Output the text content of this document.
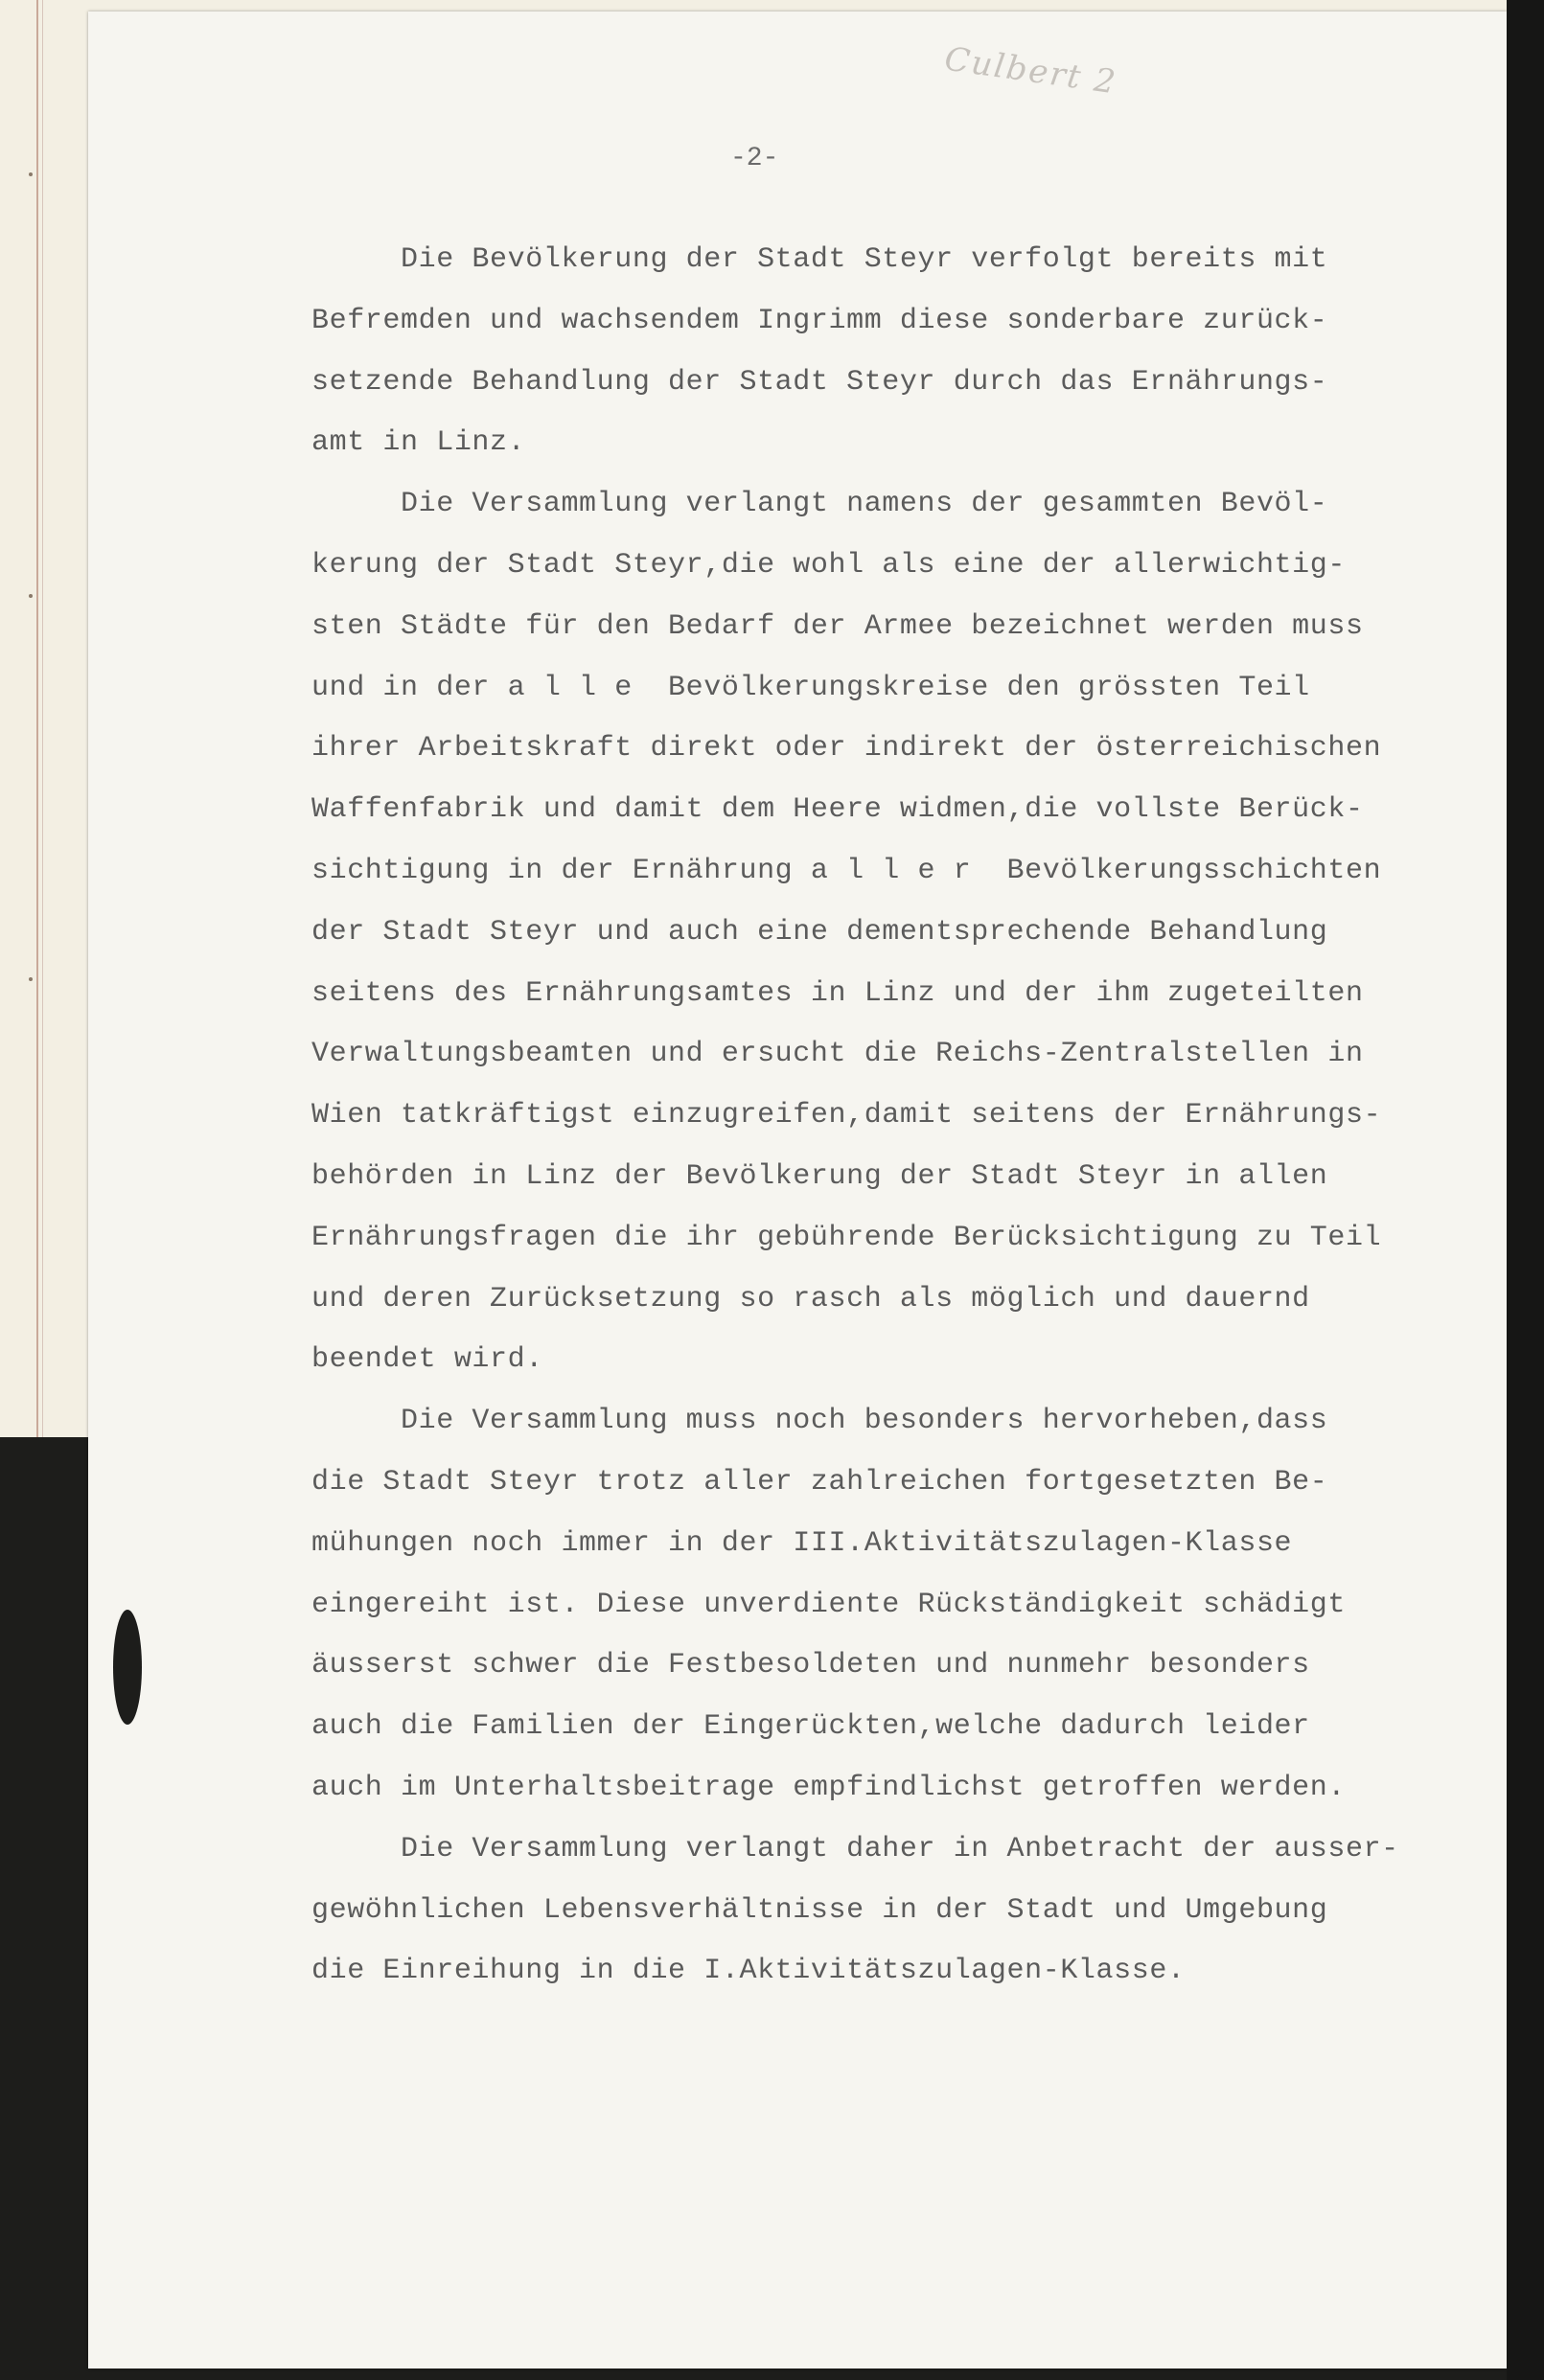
Culbert 2
-2-
Die Bevölkerung der Stadt Steyr verfolgt bereits mit
Befremden und wachsendem Ingrimm diese sonderbare zurück-
setzende Behandlung der Stadt Steyr durch das Ernährungs-
amt in Linz.
Die Versammlung verlangt namens der gesammten Bevöl-
kerung der Stadt Steyr,die wohl als eine der allerwichtig-
sten Städte für den Bedarf der Armee bezeichnet werden muss
und in der a l l e  Bevölkerungskreise den grössten Teil
ihrer Arbeitskraft direkt oder indirekt der österreichischen
Waffenfabrik und damit dem Heere widmen,die vollste Berück-
sichtigung in der Ernährung a l l e r  Bevölkerungsschichten
der Stadt Steyr und auch eine dementsprechende Behandlung
seitens des Ernährungsamtes in Linz und der ihm zugeteilten
Verwaltungsbeamten und ersucht die Reichs-Zentralstellen in
Wien tatkräftigst einzugreifen,damit seitens der Ernährungs-
behörden in Linz der Bevölkerung der Stadt Steyr in allen
Ernährungsfragen die ihr gebührende Berücksichtigung zu Teil
und deren Zurücksetzung so rasch als möglich und dauernd
beendet wird.
Die Versammlung muss noch besonders hervorheben,dass
die Stadt Steyr trotz aller zahlreichen fortgesetzten Be-
mühungen noch immer in der III.Aktivitätszulagen-Klasse
eingereiht ist. Diese unverdiente Rückständigkeit schädigt
äusserst schwer die Festbesoldeten und nunmehr besonders
auch die Familien der Eingerückten,welche dadurch leider
auch im Unterhaltsbeitrage empfindlichst getroffen werden.
Die Versammlung verlangt daher in Anbetracht der ausser-
gewöhnlichen Lebensverhältnisse in der Stadt und Umgebung
die Einreihung in die I.Aktivitätszulagen-Klasse.
